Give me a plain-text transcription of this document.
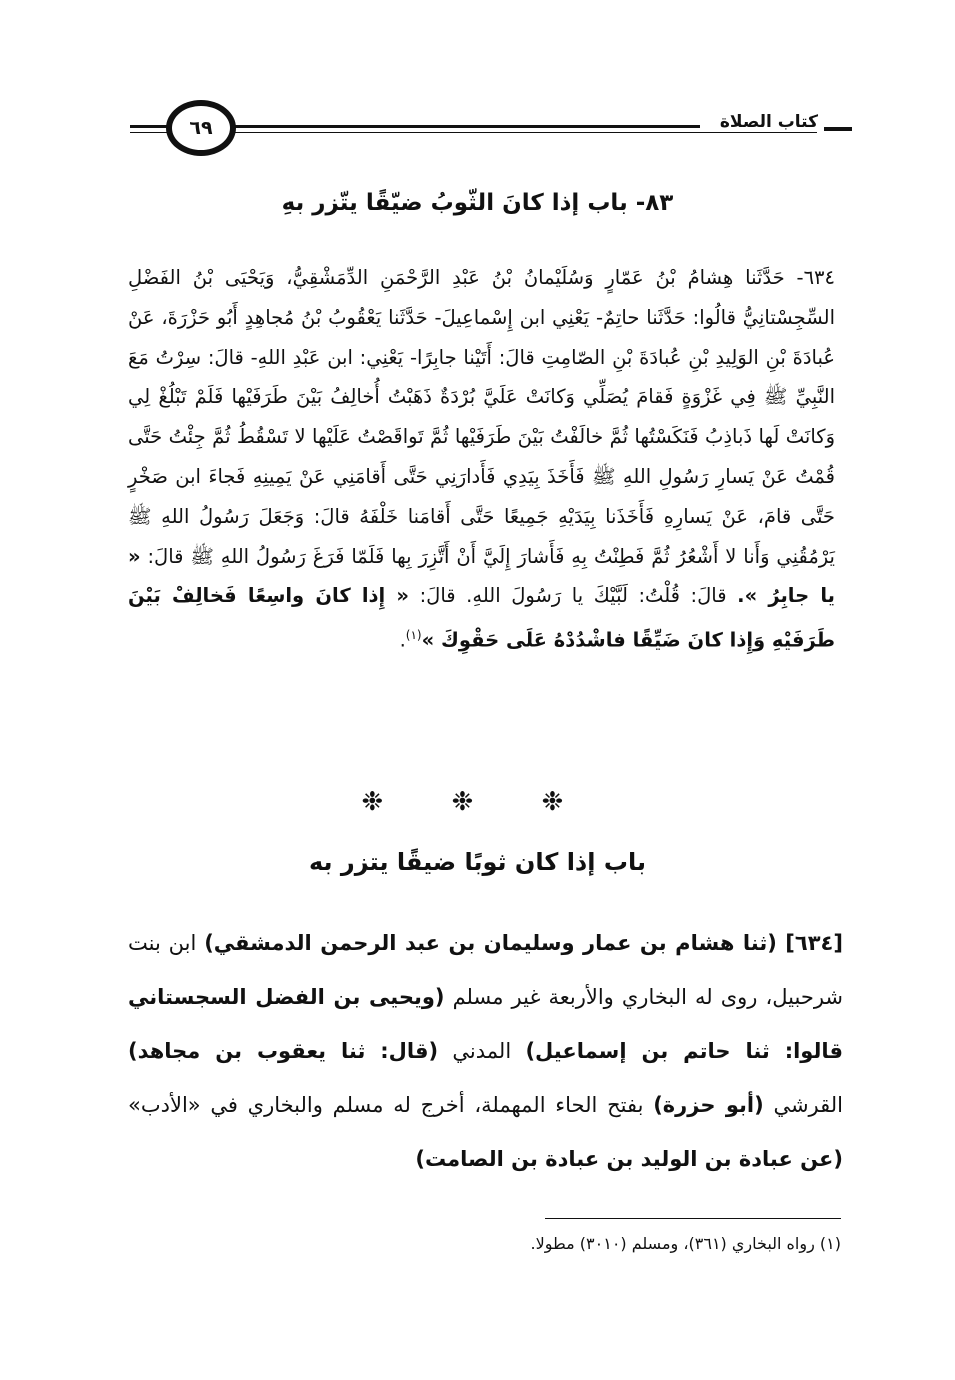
٦٩	كتاب الصلاة
٨٣- باب إذا كانَ الثّوبُ ضيّقًا يتّزر بهِ
٦٣٤- حَدَّثَنا هِشامُ بْنُ عَمّارٍ وَسُلَيْمانُ بْنُ عَبْدِ الرَّحْمَنِ الدِّمَشْقِيُّ، وَيَحْيَى بْنُ الفَضْلِ السِّجِسْتانِيُّ قالُوا: حَدَّثَنا حاتِمٌ- يَعْنِي ابن إِسْماعِيلَ- حَدَّثَنا يَعْقُوبُ بْنُ مُجاهِدٍ أَبُو حَزْرَةَ، عَنْ عُبادَةَ بْنِ الوَلِيدِ بْنِ عُبادَةَ بْنِ الصّامِتِ قالَ: أَتَيْنا جابِرًا- يَعْنِي: ابن عَبْدِ اللهِ- قالَ: سِرْتُ مَعَ النَّبِيِّ ﷺ فِي غَزْوَةٍ فَقامَ يُصَلِّي وَكانَتْ عَلَيَّ بُرْدَةٌ ذَهَبْتُ أُخالِفُ بَيْنَ طَرَفَيْها فَلَمْ تَبْلُغْ لِي وَكانَتْ لَها ذَباذِبُ فَنَكَسْتُها ثُمَّ خالَفْتُ بَيْنَ طَرَفَيْها ثُمَّ تَواقَصْتُ عَلَيْها لا تَسْقُطُ ثُمَّ جِئْتُ حَتَّى قُمْتُ عَنْ يَسارِ رَسُولِ اللهِ ﷺ فَأَخَذَ بِيَدِي فَأَدارَنِي حَتَّى أَقامَنِي عَنْ يَمِينِهِ فَجاءَ ابن صَخْرٍ حَتَّى قامَ، عَنْ يَسارِهِ فَأَخَذَنا بِيَدَيْهِ جَمِيعًا حَتَّى أَقامَنا خَلْفَهُ قالَ: وَجَعَلَ رَسُولُ اللهِ ﷺ يَرْمُقُنِي وَأَنا لا أَشْعُرُ ثُمَّ فَطِنْتُ بِهِ فَأَشارَ إِلَيَّ أَنْ أَتَّزِرَ بِها فَلَمّا فَرَغَ رَسُولُ اللهِ ﷺ قالَ: « يا جابِرُ ». قالَ: قُلْتُ: لَبَّيْكَ يا رَسُولَ اللهِ. قالَ: « إِذا كانَ واسِعًا فَخالِفْ بَيْنَ طَرَفَيْهِ وَإِذا كانَ ضَيِّقًا فاشْدُدْهُ عَلَى حَقْوِكَ »$^{(١)}$.
❉ ❉ ❉
باب إذا كان ثوبًا ضيقًا يتزر به
[٦٣٤] (ثنا هشام بن عمار وسليمان بن عبد الرحمن الدمشقي) ابن بنت شرحبيل، روى له البخاري والأربعة غير مسلم (ويحيى بن الفضل السجستاني قالوا: ثنا حاتم بن إسماعيل) المدني (قال: ثنا يعقوب بن مجاهد) القرشي (أبو حزرة) بفتح الحاء المهملة، أخرج له مسلم والبخاري في «الأدب» (عن عبادة بن الوليد بن عبادة بن الصامت)
(١) رواه البخاري (٣٦١)، ومسلم (٣٠١٠) مطولا.
